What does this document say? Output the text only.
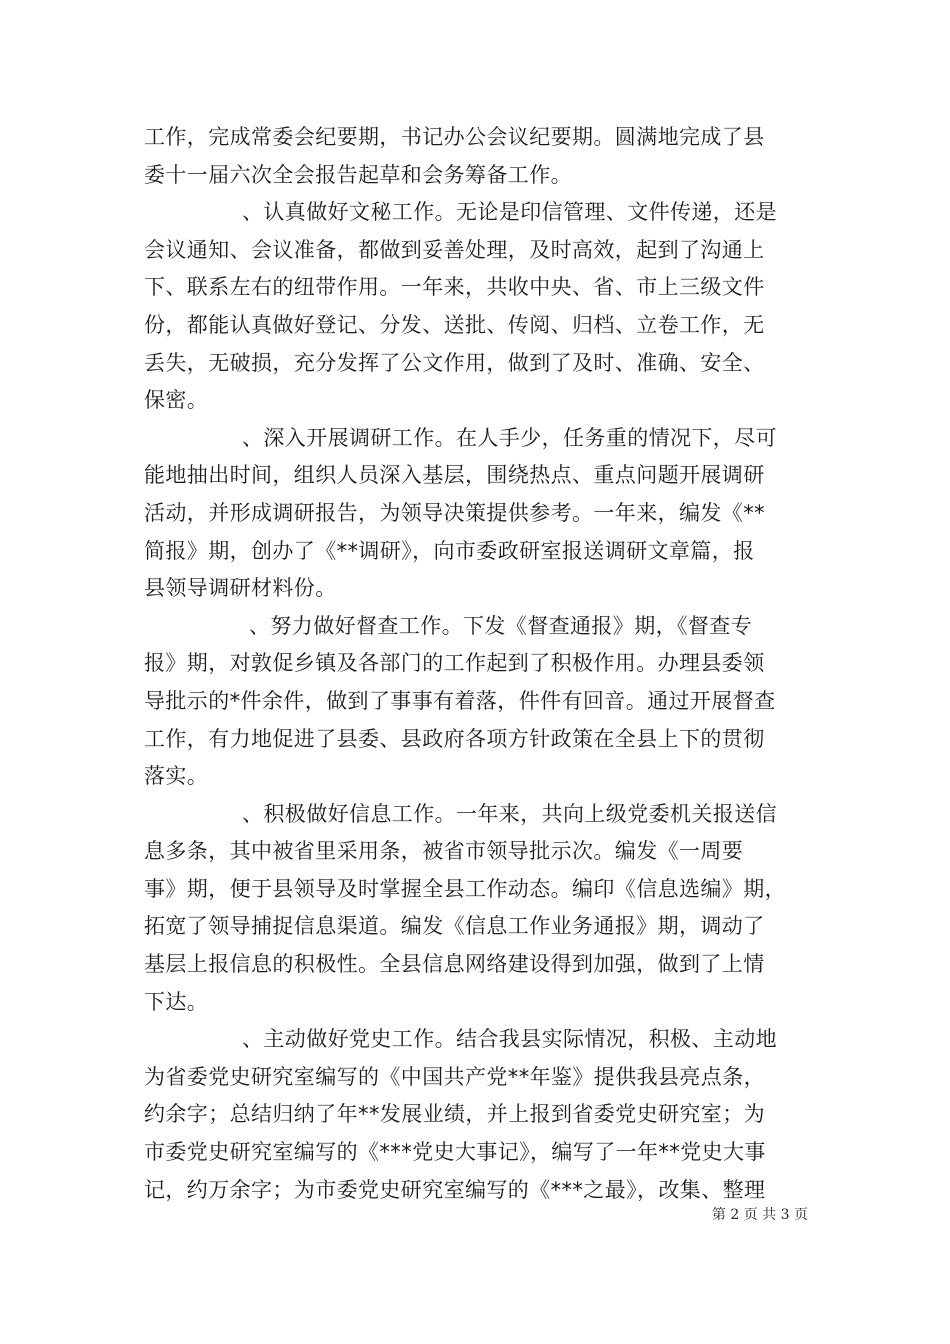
工作，完成常委会纪要期，书记办公会议纪要期。圆满地完成了县
委十一届六次全会报告起草和会务筹备工作。
、认真做好文秘工作。无论是印信管理、文件传递，还是
会议通知、会议准备，都做到妥善处理，及时高效，起到了沟通上
下、联系左右的纽带作用。一年来，共收中央、省、市上三级文件
份，都能认真做好登记、分发、送批、传阅、归档、立卷工作，无
丢失，无破损，充分发挥了公文作用，做到了及时、准确、安全、
保密。
、深入开展调研工作。在人手少，任务重的情况下，尽可
能地抽出时间，组织人员深入基层，围绕热点、重点问题开展调研
活动，并形成调研报告，为领导决策提供参考。一年来，编发《**
简报》期，创办了《**调研》，向市委政研室报送调研文章篇，报
县领导调研材料份。
、努力做好督查工作。下发《督查通报》期，《督查专
报》期，对敦促乡镇及各部门的工作起到了积极作用。办理县委领
导批示的*件余件，做到了事事有着落，件件有回音。通过开展督查
工作，有力地促进了县委、县政府各项方针政策在全县上下的贯彻
落实。
、积极做好信息工作。一年来，共向上级党委机关报送信
息多条，其中被省里采用条，被省市领导批示次。编发《一周要
事》期，便于县领导及时掌握全县工作动态。编印《信息选编》期，
拓宽了领导捕捉信息渠道。编发《信息工作业务通报》期，调动了
基层上报信息的积极性。全县信息网络建设得到加强，做到了上情
下达。
、主动做好党史工作。结合我县实际情况，积极、主动地
为省委党史研究室编写的《中国共产党**年鉴》提供我县亮点条，
约余字；总结归纳了年**发展业绩，并上报到省委党史研究室；为
市委党史研究室编写的《***党史大事记》，编写了一年**党史大事
记，约万余字；为市委党史研究室编写的《***之最》，改集、整理
第 2 页 共 3 页
